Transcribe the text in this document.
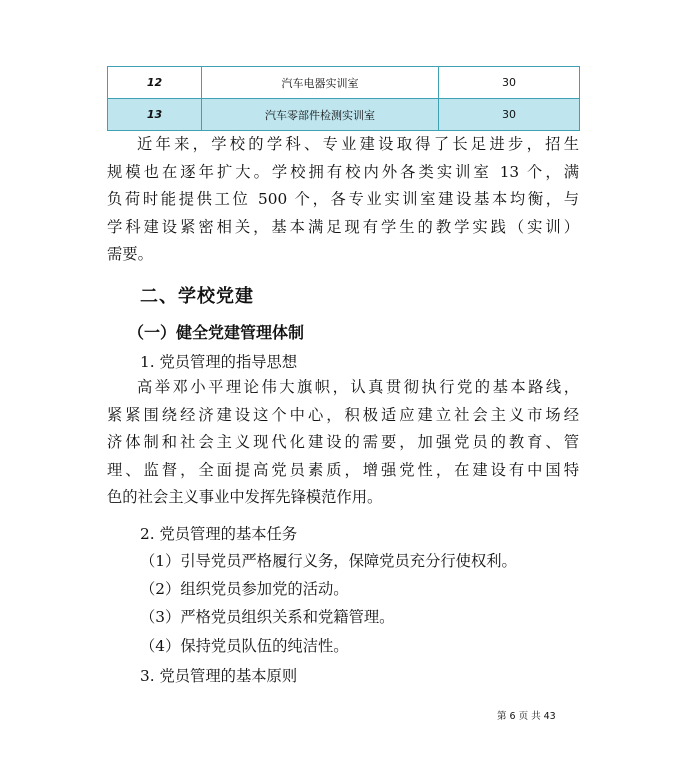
12	汽车电器实训室	30
13	汽车零部件检测实训室	30
近年来，学校的学科、专业建设取得了长足进步，招生
规模也在逐年扩大。学校拥有校内外各类实训室 13 个，满
负荷时能提供工位 500 个，各专业实训室建设基本均衡，与
学科建设紧密相关，基本满足现有学生的教学实践（实训）
需要。
二、学校党建
（一）健全党建管理体制

1. 党员管理的指导思想

高举邓小平理论伟大旗帜，认真贯彻执行党的基本路线，
紧紧围绕经济建设这个中心，积极适应建立社会主义市场经
济体制和社会主义现代化建设的需要，加强党员的教育、管
理、监督，全面提高党员素质，增强党性，在建设有中国特
色的社会主义事业中发挥先锋模范作用。

2. 党员管理的基本任务

（1）引导党员严格履行义务，保障党员充分行使权利。

（2）组织党员参加党的活动。

（3）严格党员组织关系和党籍管理。

（4）保持党员队伍的纯洁性。

3. 党员管理的基本原则

第 6 页 共 43
